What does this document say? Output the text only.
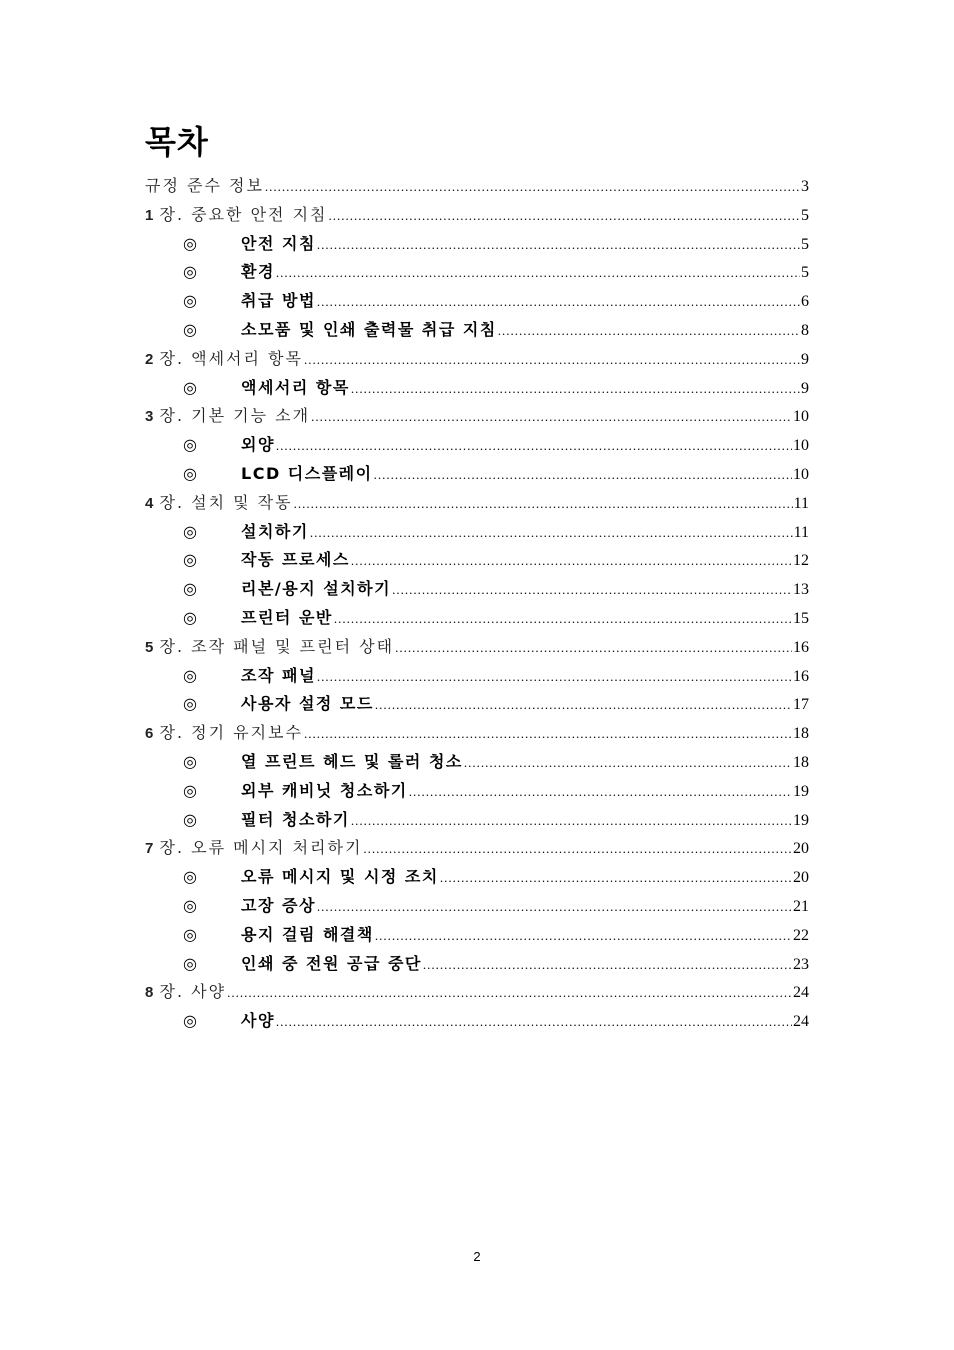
목차
규정 준수 정보 .....	3
1 장. 중요한 안전 지침 .....	5
◎	안전 지침 .....	5
◎	환경 .....	5
◎	취급 방법 .....	6
◎	소모품 및 인쇄 출력물 취급 지침 .....	8
2 장. 액세서리 항목 .....	9
◎	액세서리 항목 .....	9
3 장. 기본 기능 소개 .....	10
◎	외양 .....	10
◎	LCD 디스플레이 .....	10
4 장. 설치 및 작동 .....	11
◎	설치하기 .....	11
◎	작동 프로세스 .....	12
◎	리본/용지 설치하기 .....	13
◎	프린터 운반 .....	15
5 장. 조작 패널 및 프린터 상태 .....	16
◎	조작 패널 .....	16
◎	사용자 설정 모드 .....	17
6 장. 정기 유지보수 .....	18
◎	열 프린트 헤드 및 롤러 청소 .....	18
◎	외부 캐비닛 청소하기 .....	19
◎	필터 청소하기 .....	19
7 장. 오류 메시지 처리하기 .....	20
◎	오류 메시지 및 시정 조치 .....	20
◎	고장 증상 .....	21
◎	용지 걸림 해결책 .....	22
◎	인쇄 중 전원 공급 중단 .....	23
8 장. 사양 .....	24
◎	사양 .....	24
2
